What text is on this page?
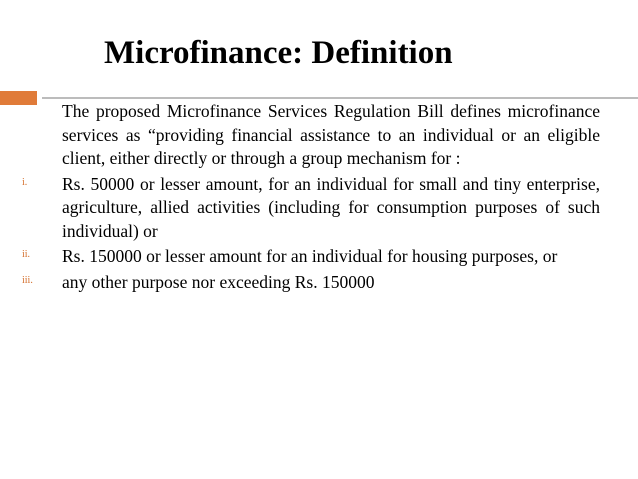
Microfinance: Definition

The proposed Microfinance Services Regulation Bill defines microfinance services as “providing financial assistance to an individual or an eligible client, either directly or through a group mechanism for :

i. Rs. 50000 or lesser amount, for an individual for small and tiny enterprise, agriculture, allied activities (including for consumption purposes of such individual) or
ii. Rs. 150000 or lesser amount for an individual for housing purposes, or
iii. any other purpose nor exceeding Rs. 150000
